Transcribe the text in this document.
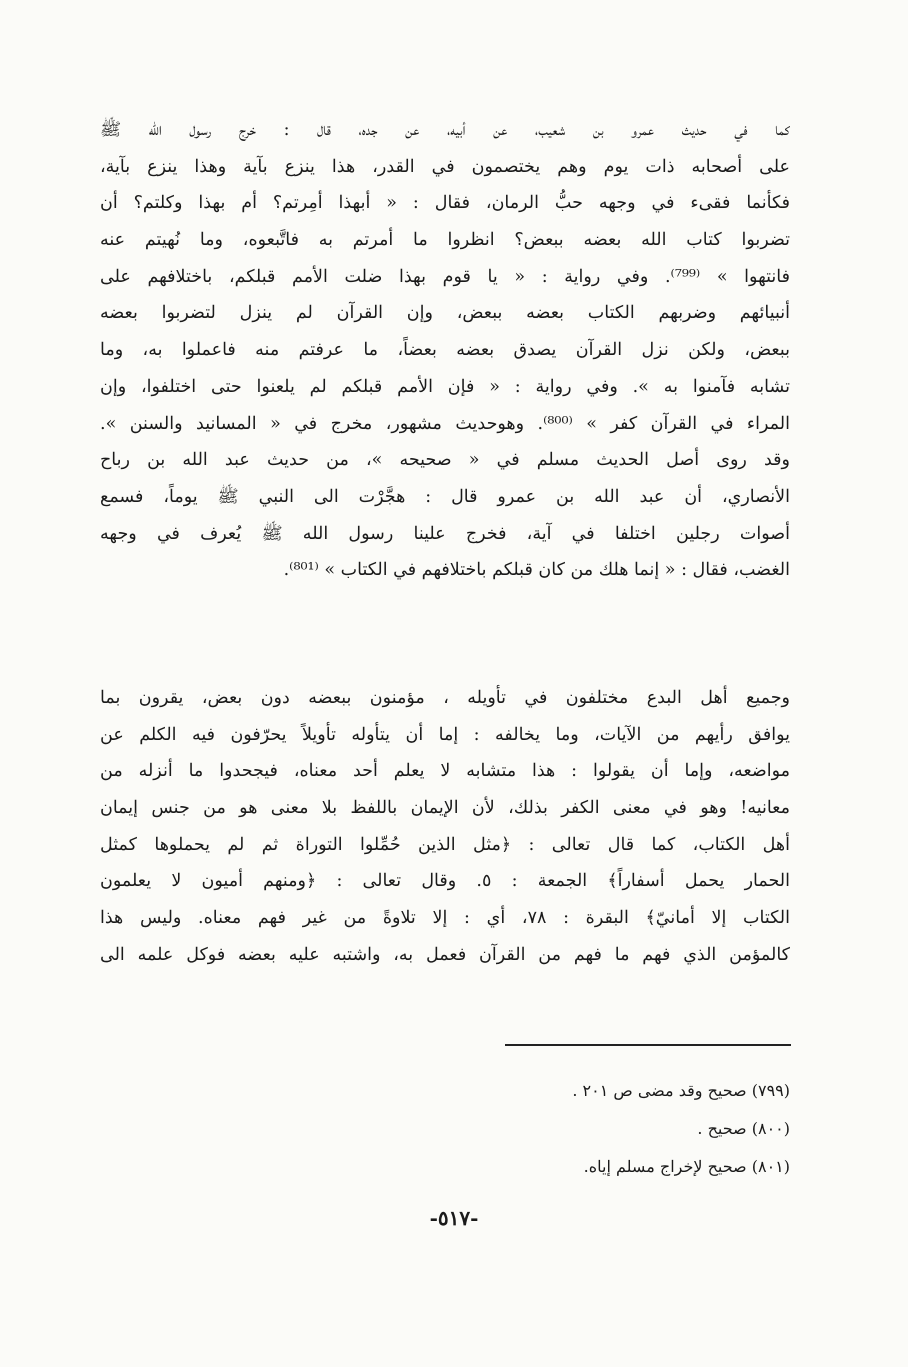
كما في حديث عمرو بن شعيب، عن أبيه، عن جده، قال : خرج رسول الله ﷺ
على أصحابه ذات يوم وهم يختصمون في القدر، هذا ينزع بآية وهذا ينزع بآية،
فكأنما فقىء في وجهه حبُّ الرمان، فقال : « أبهذا أمِرتم؟ أم بهذا وكلتم؟ أن
تضربوا كتاب الله بعضه ببعض؟ انظروا ما أمرتم به فاتَّبعوه، وما نُهيتم عنه
فانتهوا » ⁽⁷⁹⁹⁾. وفي رواية : « يا قوم بهذا ضلت الأمم قبلكم، باختلافهم على
أنبيائهم وضربهم الكتاب بعضه ببعض، وإن القرآن لم ينزل لتضربوا بعضه
ببعض، ولكن نزل القرآن يصدق بعضه بعضاً، ما عرفتم منه فاعملوا به، وما
تشابه فآمنوا به ». وفي رواية : « فإن الأمم قبلكم لم يلعنوا حتى اختلفوا، وإن
المراء في القرآن كفر » ⁽⁸⁰⁰⁾. وهوحديث مشهور، مخرج في « المسانيد والسنن ».
وقد روى أصل الحديث مسلم في « صحيحه »، من حديث عبد الله بن رباح
الأنصاري، أن عبد الله بن عمرو قال : هجَّرْت الى النبي ﷺ يوماً، فسمع
أصوات رجلين اختلفا في آية، فخرج علينا رسول الله ﷺ يُعرف في وجهه
الغضب، فقال : « إنما هلك من كان قبلكم باختلافهم في الكتاب » ⁽⁸⁰¹⁾.
وجميع أهل البدع مختلفون في تأويله ، مؤمنون ببعضه دون بعض، يقرون بما
يوافق رأيهم من الآيات، وما يخالفه : إما أن يتأوله تأويلاً يحرّفون فيه الكلم عن
مواضعه، وإما أن يقولوا : هذا متشابه لا يعلم أحد معناه، فيجحدوا ما أنزله من
معانيه! وهو في معنى الكفر بذلك، لأن الإيمان باللفظ بلا معنى هو من جنس إيمان
أهل الكتاب، كما قال تعالى : ﴿مثل الذين حُمِّلوا التوراة ثم لم يحملوها كمثل
الحمار يحمل أسفاراً﴾ الجمعة : ٥. وقال تعالى : ﴿ومنهم أميون لا يعلمون
الكتاب إلا أمانيّ﴾ البقرة : ٧٨، أي : إلا تلاوةً من غير فهم معناه. وليس هذا
كالمؤمن الذي فهم ما فهم من القرآن فعمل به، واشتبه عليه بعضه فوكل علمه الى
(٧٩٩) صحيح وقد مضى ص ٢٠١ .
(٨٠٠) صحيح .
(٨٠١) صحيح لإخراج مسلم إياه.
-٥١٧-
